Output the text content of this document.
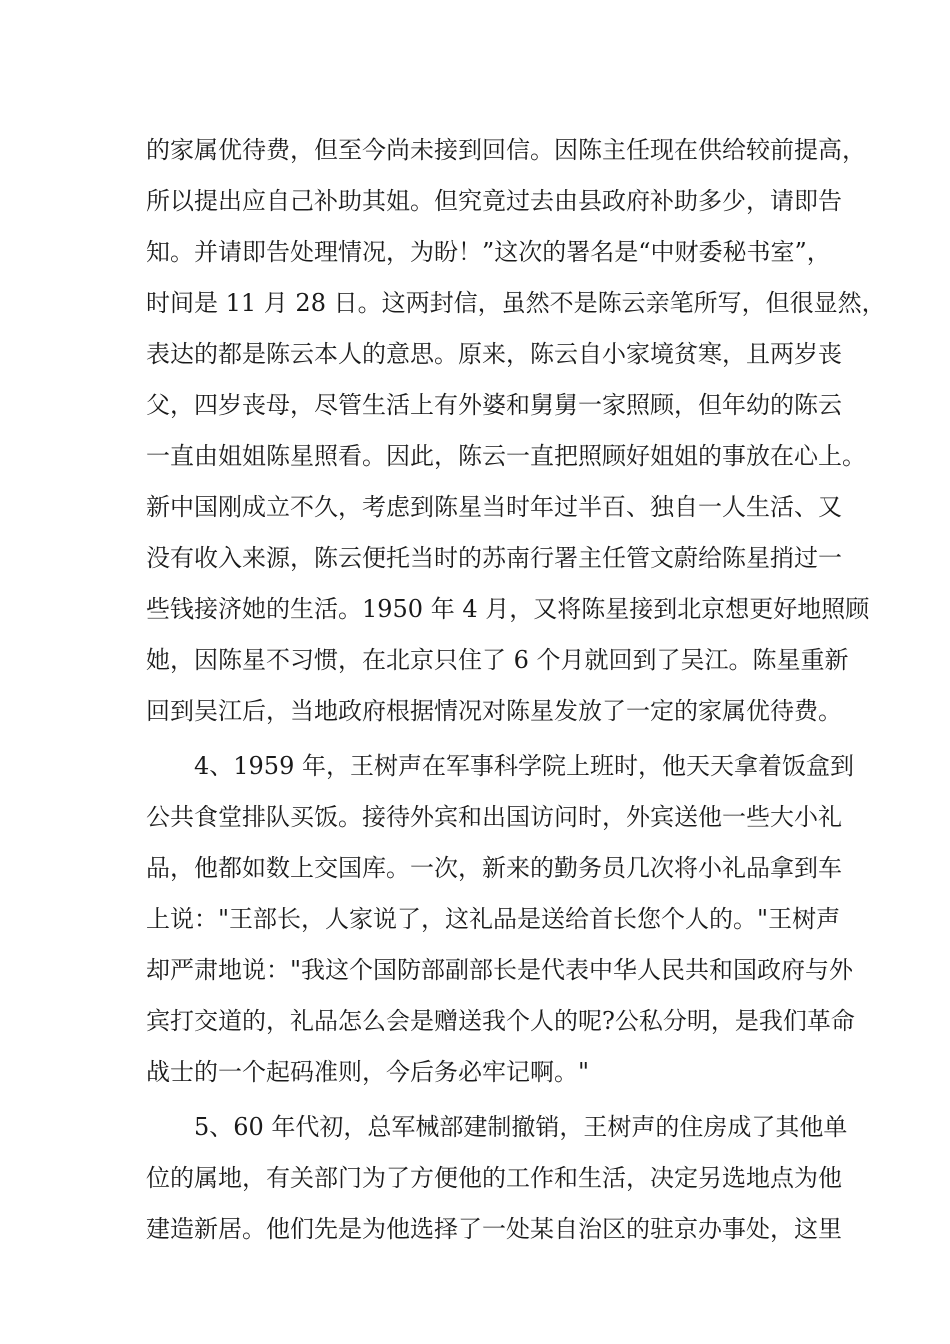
的家属优待费，但至今尚未接到回信。因陈主任现在供给较前提高，
所以提出应自己补助其姐。但究竟过去由县政府补助多少，请即告
知。并请即告处理情况，为盼！”这次的署名是“中财委秘书室”，
时间是 11 月 28 日。这两封信，虽然不是陈云亲笔所写，但很显然，
表达的都是陈云本人的意思。原来，陈云自小家境贫寒，且两岁丧
父，四岁丧母，尽管生活上有外婆和舅舅一家照顾，但年幼的陈云
一直由姐姐陈星照看。因此，陈云一直把照顾好姐姐的事放在心上。
新中国刚成立不久，考虑到陈星当时年过半百、独自一人生活、又
没有收入来源，陈云便托当时的苏南行署主任管文蔚给陈星捎过一
些钱接济她的生活。1950 年 4 月，又将陈星接到北京想更好地照顾
她，因陈星不习惯，在北京只住了 6 个月就回到了吴江。陈星重新
回到吴江后，当地政府根据情况对陈星发放了一定的家属优待费。
4、1959 年，王树声在军事科学院上班时，他天天拿着饭盒到
公共食堂排队买饭。接待外宾和出国访问时，外宾送他一些大小礼
品，他都如数上交国库。一次，新来的勤务员几次将小礼品拿到车
上说："王部长，人家说了，这礼品是送给首长您个人的。"王树声
却严肃地说："我这个国防部副部长是代表中华人民共和国政府与外
宾打交道的，礼品怎么会是赠送我个人的呢?公私分明，是我们革命
战士的一个起码准则，今后务必牢记啊。"
5、60 年代初，总军械部建制撤销，王树声的住房成了其他单
位的属地，有关部门为了方便他的工作和生活，决定另选地点为他
建造新居。他们先是为他选择了一处某自治区的驻京办事处，这里
